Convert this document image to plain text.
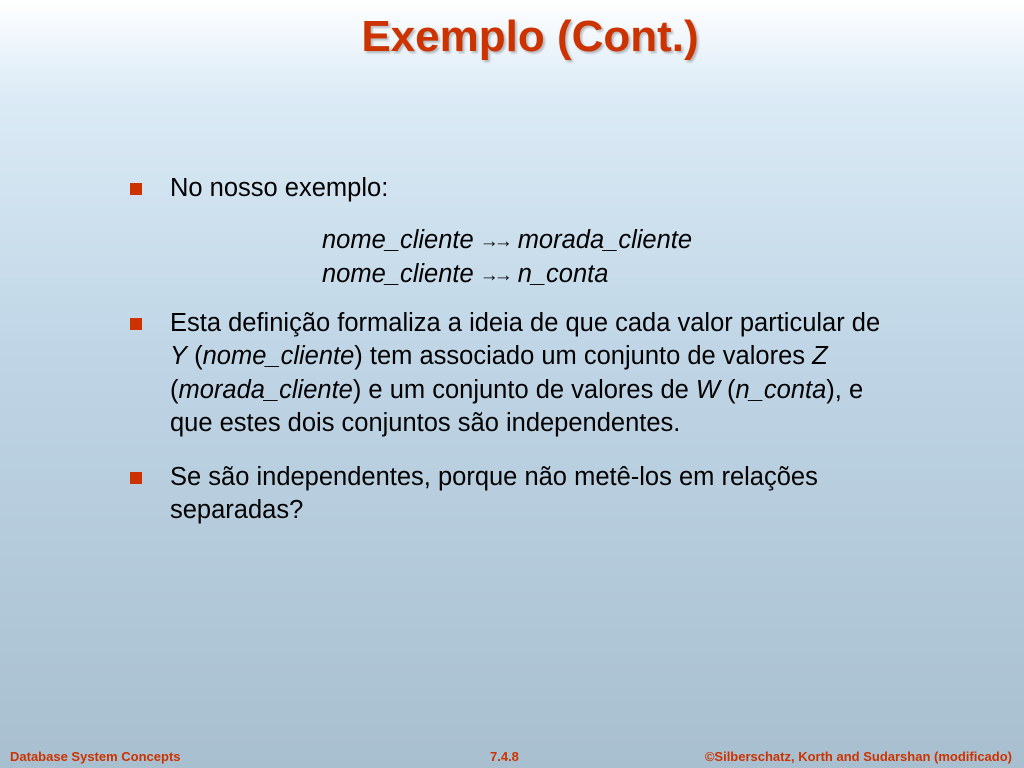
Exemplo (Cont.)
No nosso exemplo:
nome_cliente →→ morada_cliente
nome_cliente →→ n_conta
Esta definição formaliza a ideia de que cada valor particular de Y (nome_cliente) tem associado um conjunto de valores Z (morada_cliente) e um conjunto de valores de W (n_conta), e que estes dois conjuntos são independentes.
Se são independentes, porque não metê-los em relações separadas?
Database System Concepts	7.4.8	©Silberschatz, Korth and Sudarshan (modificado)
